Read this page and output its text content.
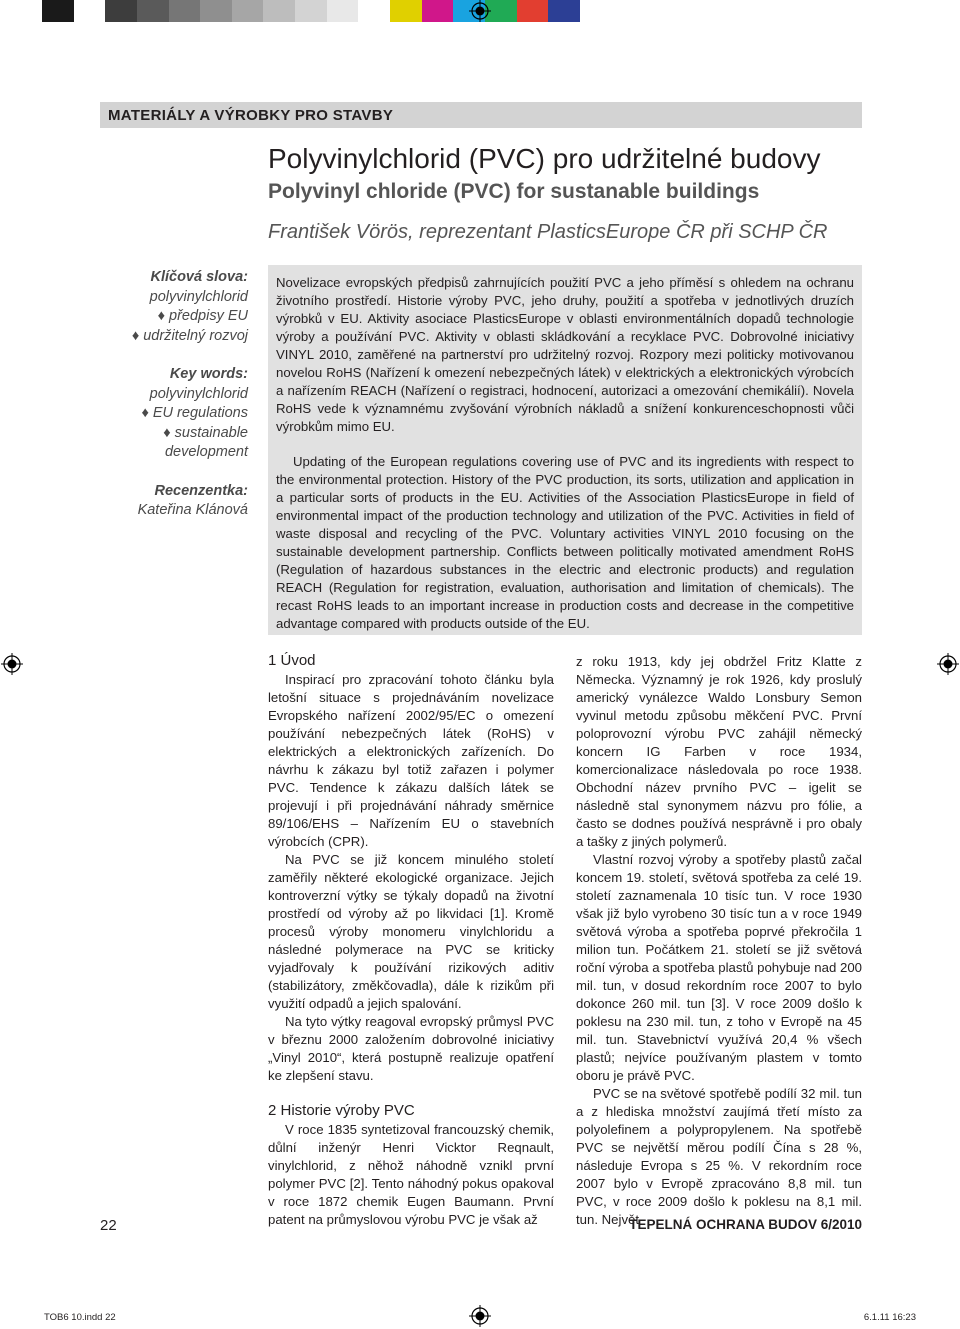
MATERIÁLY A VÝROBKY PRO STAVBY
Polyvinylchlorid (PVC) pro udržitelné budovy
Polyvinyl chloride (PVC) for sustanable buildings
František Vörös, reprezentant PlasticsEurope ČR při SCHP ČR
Klíčová slova:
polyvinylchlorid
♦ předpisy EU
♦ udržitelný rozvoj
Key words:
polyvinylchlorid
♦ EU regulations
♦ sustainable
development
Recenzentka:
Kateřina Klánová

Novelizace evropských předpisů zahrnujících použití PVC a jeho příměsí s ohledem na ochranu životního prostředí. Historie výroby PVC, jeho druhy, použití a spotřeba v jednotlivých druzích výrobků v EU. Aktivity asociace PlasticsEurope v oblasti environmentálních dopadů technologie výroby a používání PVC. Aktivity v oblasti skládkování a recyklace PVC. Dobrovolné iniciativy VINYL 2010, zaměřené na partnerství pro udržitelný rozvoj. Rozpory mezi politicky motivovanou novelou RoHS (Nařízení k omezení nebezpečných látek) v elektrických a elektronických výrobcích a nařízením REACH (Nařízení o registraci, hodnocení, autorizaci a omezování chemikálií). Novela RoHS vede k významnému zvyšování výrobních nákladů a snížení konkurenceschopnosti vůči výrobkům mimo EU.

Updating of the European regulations covering use of PVC and its ingredients with respect to the environmental protection. History of the PVC production, its sorts, utilization and application in a particular sorts of products in the EU. Activities of the Association PlasticsEurope in field of environmental impact of the production technology and utilization of the PVC. Activities in field of waste disposal and recycling of the PVC. Voluntary activities VINYL 2010 focusing on the sustainable development partnership. Conflicts between politically motivated amendment RoHS (Regulation of hazardous substances in the electric and electronic products) and regulation REACH (Regulation for registration, evaluation, authorisation and limitation of chemicals). The recast RoHS leads to an important increase in production costs and decrease in the competitive advantage compared with products outside of the EU.

1 Úvod

Inspirací pro zpracování tohoto článku byla letošní situace s projednáváním novelizace Evropského nařízení 2002/95/EC o omezení používání nebezpečných látek (RoHS) v elektrických a elektronických zařízeních. Do návrhu k zákazu byl totiž zařazen i polymer PVC. Tendence k zákazu dalších látek se projevují i při projednávání náhrady směrnice 89/106/EHS – Nařízením EU o stavebních výrobcích (CPR).

Na PVC se již koncem minulého století zaměřily některé ekologické organizace. Jejich kontroverzní výtky se týkaly dopadů na životní prostředí od výroby až po likvidaci [1]. Kromě procesů výroby monomeru vinylchloridu a následné polymerace na PVC se kriticky vyjadřovaly k používání rizikových aditiv (stabilizátory, změkčovadla), dále k rizikům při využití odpadů a jejich spalování.

Na tyto výtky reagoval evropský průmysl PVC v březnu 2000 založením dobrovolné iniciativy „Vinyl 2010“, která postupně realizuje opatření ke zlepšení stavu.

2 Historie výroby PVC

V roce 1835 syntetizoval francouzský chemik, důlní inženýr Henri Vicktor Reqnault, vinylchlorid, z něhož náhodně vznikl první polymer PVC [2]. Tento náhodný pokus opakoval v roce 1872 chemik Eugen Baumann. První patent na průmyslovou výrobu PVC je však až

z roku 1913, kdy jej obdržel Fritz Klatte z Německa. Významný je rok 1926, kdy proslulý americký vynálezce Waldo Lonsbury Semon vyvinul metodu způsobu měkčení PVC. První poloprovozní výrobu PVC zahájil německý koncern IG Farben v roce 1934, komercionalizace následovala po roce 1938. Obchodní název prvního PVC – igelit se následně stal synonymem názvu pro fólie, a často se dodnes používá nesprávně i pro obaly a tašky z jiných polymerů.

Vlastní rozvoj výroby a spotřeby plastů začal koncem 19. století, světová spotřeba za celé 19. století zaznamenala 10 tisíc tun. V roce 1930 však již bylo vyrobeno 30 tisíc tun a v roce 1949 světová výroba a spotřeba poprvé překročila 1 milion tun. Počátkem 21. století se již světová roční výroba a spotřeba plastů pohybuje nad 200 mil. tun, v dosud rekordním roce 2007 to bylo dokonce 260 mil. tun [3]. V roce 2009 došlo k poklesu na 230 mil. tun, z toho v Evropě na 45 mil. tun. Stavebnictví využívá 20,4 % všech plastů; nejvíce používaným plastem v tomto oboru je právě PVC.

PVC se na světové spotřebě podílí 32 mil. tun a z hlediska množství zaujímá třetí místo za polyolefinem a polypropylenem. Na spotřebě PVC se největší měrou podílí Čína s 28 %, následuje Evropa s 25 %. V rekordním roce 2007 bylo v Evropě zpracováno 8,8 mil. tun PVC, v roce 2009 došlo k poklesu na 8,1 mil. tun. Největ-

22	TEPELNÁ OCHRANA BUDOV 6/2010
TOB6 10.indd 22	6.1.11 16:23
